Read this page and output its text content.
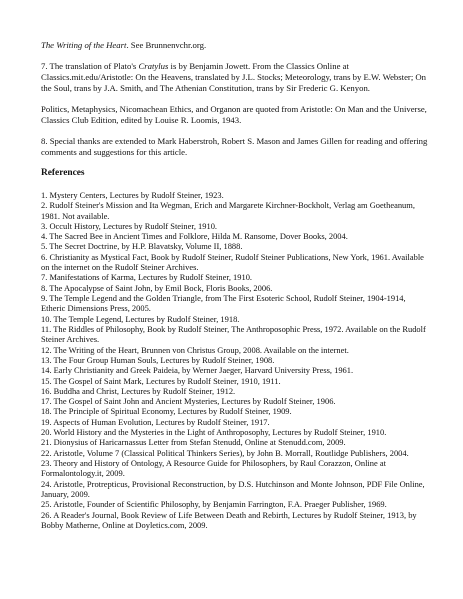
The Writing of the Heart. See Brunnenvchr.org.

7. The translation of Plato's Cratylus is by Benjamin Jowett. From the Classics Online at Classics.mit.edu/Aristotle: On the Heavens, translated by J.L. Stocks; Meteorology, trans by E.W. Webster; On the Soul, trans by J.A. Smith, and The Athenian Constitution, trans by Sir Frederic G. Kenyon.

Politics, Metaphysics, Nicomachean Ethics, and Organon are quoted from Aristotle: On Man and the Universe, Classics Club Edition, edited by Louise R. Loomis, 1943.

8. Special thanks are extended to Mark Haberstroh, Robert S. Mason and James Gillen for reading and offering comments and suggestions for this article.

References
1. Mystery Centers, Lectures by Rudolf Steiner, 1923.
2. Rudolf Steiner's Mission and Ita Wegman, Erich and Margarete Kirchner-Bockholt, Verlag am Goetheanum, 1981. Not available.
3. Occult History, Lectures by Rudolf Steiner, 1910.
4. The Sacred Bee in Ancient Times and Folklore, Hilda M. Ransome, Dover Books, 2004.
5. The Secret Doctrine, by H.P. Blavatsky, Volume II, 1888.
6. Christianity as Mystical Fact, Book by Rudolf Steiner, Rudolf Steiner Publications, New York, 1961. Available on the internet on the Rudolf Steiner Archives.
7. Manifestations of Karma, Lectures by Rudolf Steiner, 1910.
8. The Apocalypse of Saint John, by Emil Bock, Floris Books, 2006.
9. The Temple Legend and the Golden Triangle, from The First Esoteric School, Rudolf Steiner, 1904-1914, Etheric Dimensions Press, 2005.
10. The Temple Legend, Lectures by Rudolf Steiner, 1918.
11. The Riddles of Philosophy, Book by Rudolf Steiner, The Anthroposophic Press, 1972. Available on the Rudolf Steiner Archives.
12. The Writing of the Heart, Brunnen von Christus Group, 2008. Available on the internet.
13. The Four Group Human Souls, Lectures by Rudolf Steiner, 1908.
14. Early Christianity and Greek Paideia, by Werner Jaeger, Harvard University Press, 1961.
15. The Gospel of Saint Mark, Lectures by Rudolf Steiner, 1910, 1911.
16. Buddha and Christ, Lectures by Rudolf Steiner, 1912.
17. The Gospel of Saint John and Ancient Mysteries, Lectures by Rudolf Steiner, 1906.
18. The Principle of Spiritual Economy, Lectures by Rudolf Steiner, 1909.
19. Aspects of Human Evolution, Lectures by Rudolf Steiner, 1917.
20. World History and the Mysteries in the Light of Anthroposophy, Lectures by Rudolf Steiner, 1910.
21. Dionysius of Haricarnassus Letter from Stefan Stenudd, Online at Stenudd.com, 2009.
22. Aristotle, Volume 7 (Classical Political Thinkers Series), by John B. Morrall, Routlidge Publishers, 2004.
23. Theory and History of Ontology, A Resource Guide for Philosophers, by Raul Corazzon, Online at Formalontology.it, 2009.
24. Aristotle, Protrepticus, Provisional Reconstruction, by D.S. Hutchinson and Monte Johnson, PDF File Online, January, 2009.
25. Aristotle, Founder of Scientific Philosophy, by Benjamin Farrington, F.A. Praeger Publisher, 1969.
26. A Reader's Journal, Book Review of Life Between Death and Rebirth, Lectures by Rudolf Steiner, 1913, by Bobby Matherne, Online at Doyletics.com, 2009.
